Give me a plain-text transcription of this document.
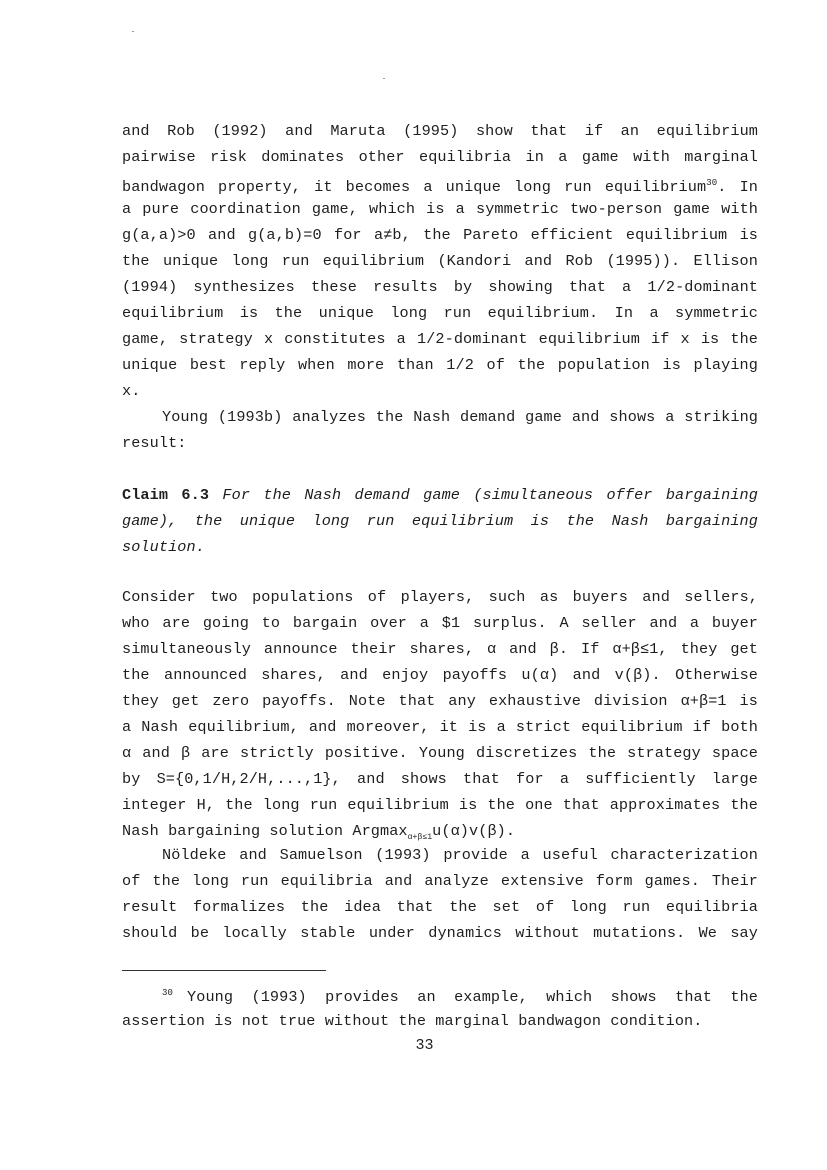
and Rob (1992) and Maruta (1995) show that if an equilibrium
pairwise risk dominates other equilibria in a game with marginal
bandwagon property, it becomes a unique long run equilibrium$^{30}$. In
a pure coordination game, which is a symmetric two-person game with
g(a,a)>0 and g(a,b)=0 for a≠b, the Pareto efficient equilibrium is
the unique long run equilibrium (Kandori and Rob (1995)). Ellison
(1994) synthesizes these results by showing that a 1/2-dominant
equilibrium is the unique long run equilibrium. In a symmetric
game, strategy x constitutes a 1/2-dominant equilibrium if x is the
unique best reply when more than 1/2 of the population is playing
x.
Young (1993b) analyzes the Nash demand game and shows a striking
result:
Claim 6.3 For the Nash demand game (simultaneous offer bargaining
game), the unique long run equilibrium is the Nash bargaining
solution.
Consider two populations of players, such as buyers and sellers,
who are going to bargain over a $1 surplus. A seller and a buyer
simultaneously announce their shares, α and β. If α+β≤1, they get
the announced shares, and enjoy payoffs u(α) and v(β). Otherwise
they get zero payoffs. Note that any exhaustive division α+β=1 is
a Nash equilibrium, and moreover, it is a strict equilibrium if both
α and β are strictly positive. Young discretizes the strategy space
by S={0,1/H,2/H,...,1}, and shows that for a sufficiently large
integer H, the long run equilibrium is the one that approximates the
Nash bargaining solution Argmax$_{\alpha+\beta\le 1}$u(α)v(β).
Nöldeke and Samuelson (1993) provide a useful characterization
of the long run equilibria and analyze extensive form games. Their
result formalizes the idea that the set of long run equilibria
should be locally stable under dynamics without mutations. We say
$^{30}$ Young (1993) provides an example, which shows that the
assertion is not true without the marginal bandwagon condition.
33
